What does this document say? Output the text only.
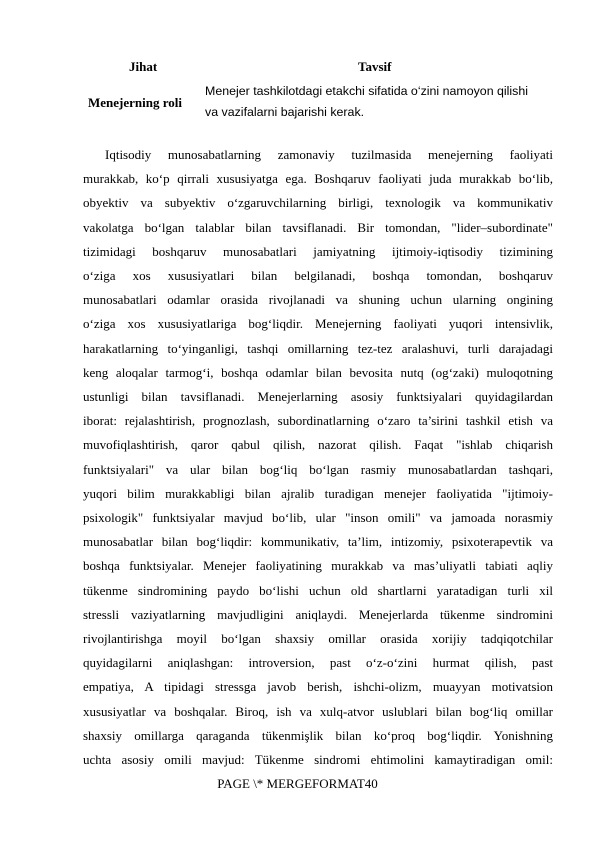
Jihat	Tavsif
Menejerning roli
Menejer tashkilotdagi etakchi sifatida o‘zini namoyon qilishi
va vazifalarni bajarishi kerak.
Iqtisodiy munosabatlarning zamonaviy tuzilmasida menejerning faoliyati
murakkab, ko‘p qirrali xususiyatga ega. Boshqaruv faoliyati juda murakkab bo‘lib,
obyektiv va subyektiv o‘zgaruvchilarning birligi, texnologik va kommunikativ
vakolatga bo‘lgan talablar bilan tavsiflanadi. Bir tomondan, "lider–subordinate"
tizimidagi boshqaruv munosabatlari jamiyatning ijtimoiy-iqtisodiy tizimining
o‘ziga xos xususiyatlari bilan belgilanadi, boshqa tomondan, boshqaruv
munosabatlari odamlar orasida rivojlanadi va shuning uchun ularning ongining
o‘ziga xos xususiyatlariga bog‘liqdir. Menejerning faoliyati yuqori intensivlik,
harakatlarning to‘yinganligi, tashqi omillarning tez-tez aralashuvi, turli darajadagi
keng aloqalar tarmog‘i, boshqa odamlar bilan bevosita nutq (og‘zaki) muloqotning
ustunligi bilan tavsiflanadi. Menejerlarning asosiy funktsiyalari quyidagilardan
iborat: rejalashtirish, prognozlash, subordinatlarning o‘zaro ta’sirini tashkil etish va
muvofiqlashtirish, qaror qabul qilish, nazorat qilish. Faqat "ishlab chiqarish
funktsiyalari" va ular bilan bog‘liq bo‘lgan rasmiy munosabatlardan tashqari,
yuqori bilim murakkabligi bilan ajralib turadigan menejer faoliyatida "ijtimoiy-
psixologik" funktsiyalar mavjud bo‘lib, ular "inson omili" va jamoada norasmiy
munosabatlar bilan bog‘liqdir: kommunikativ, ta’lim, intizomiy, psixoterapevtik va
boshqa funktsiyalar. Menejer faoliyatining murakkab va mas’uliyatli tabiati aqliy
tükenme sindromining paydo bo‘lishi uchun old shartlarni yaratadigan turli xil
stressli vaziyatlarning mavjudligini aniqlaydi. Menejerlarda tükenme sindromini
rivojlantirishga moyil bo‘lgan shaxsiy omillar orasida xorijiy tadqiqotchilar
quyidagilarni aniqlashgan: introversion, past o‘z-o‘zini hurmat qilish, past
empatiya, A tipidagi stressga javob berish, ishchi-olizm, muayyan motivatsion
xususiyatlar va boshqalar. Biroq, ish va xulq-atvor uslublari bilan bog‘liq omillar
shaxsiy omillarga qaraganda tükenmişlik bilan ko‘proq bog‘liqdir. Yonishning
uchta asosiy omili mavjud: Tükenme sindromi ehtimolini kamaytiradigan omil:
PAGE \* MERGEFORMAT40
